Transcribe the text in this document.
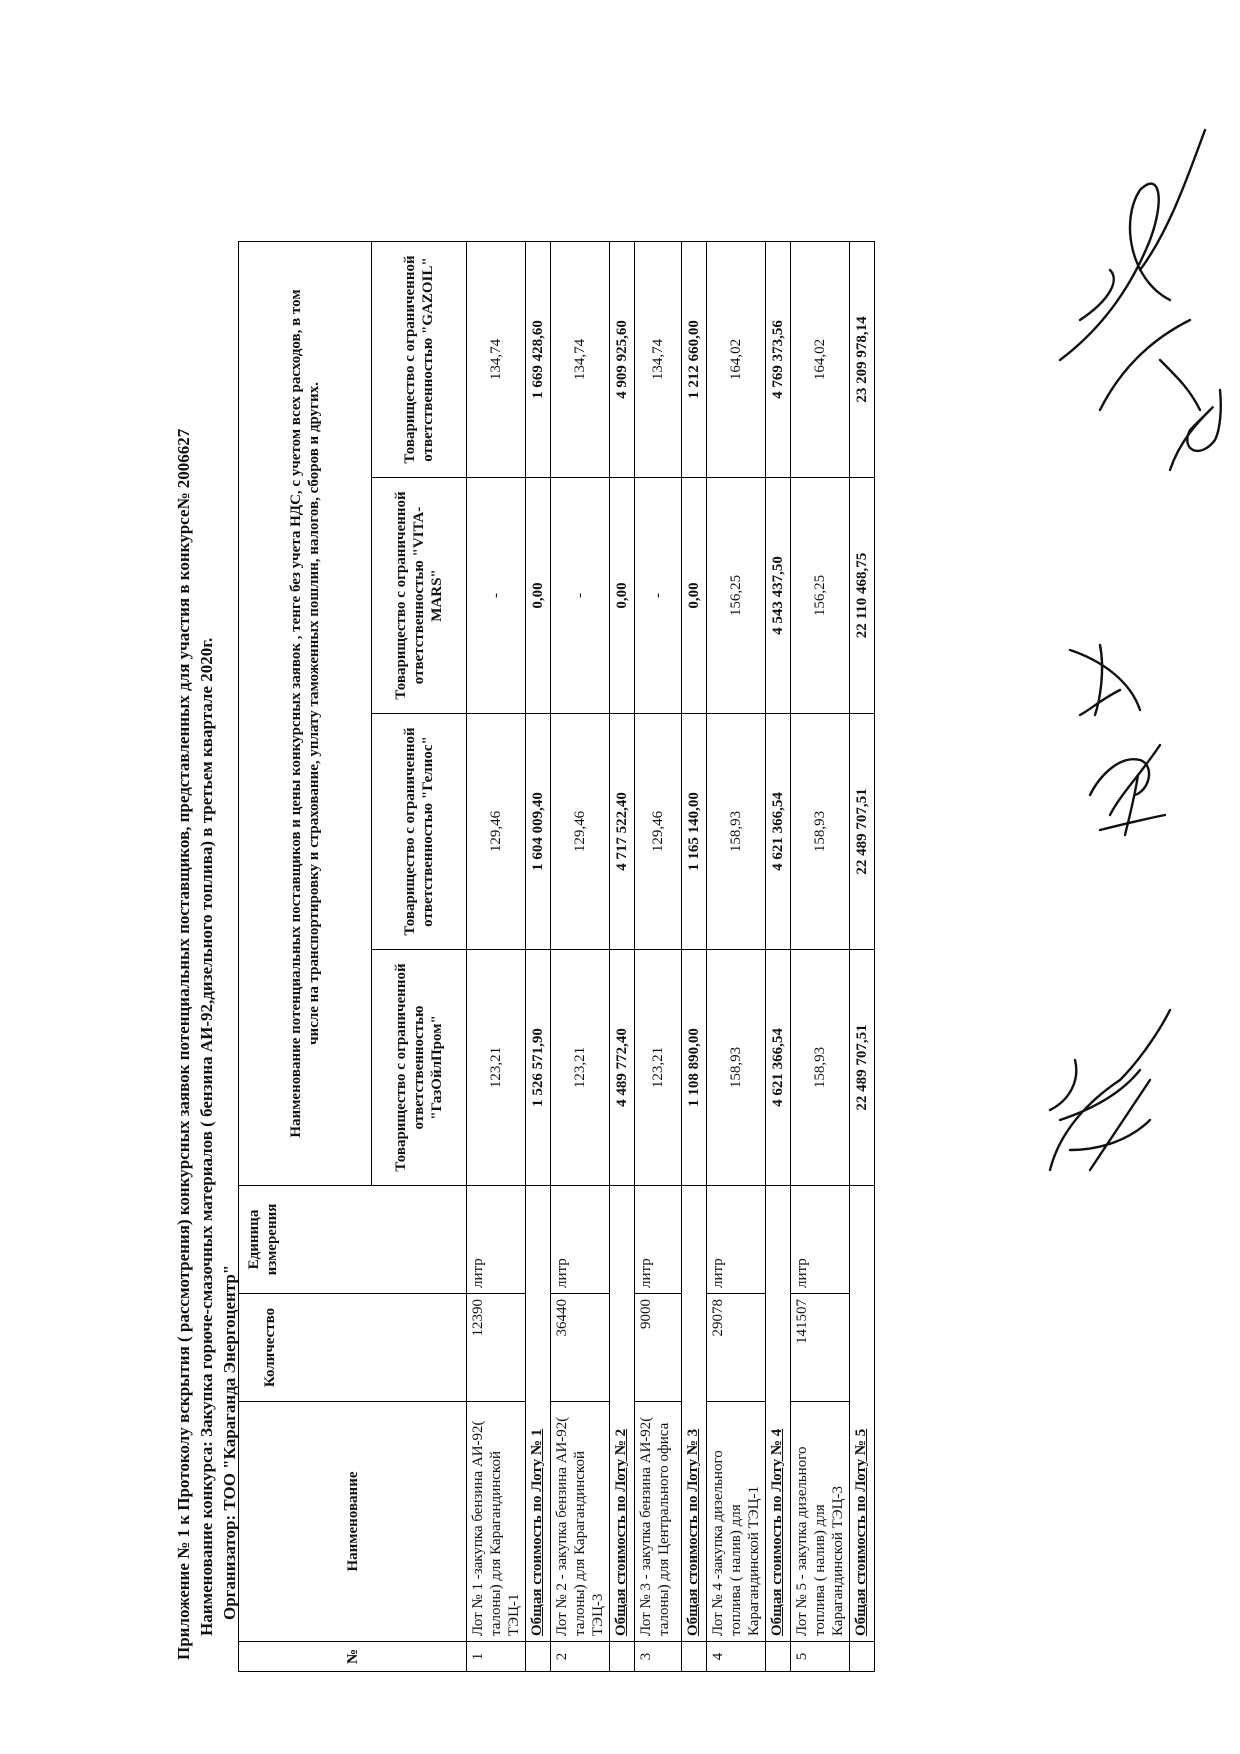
Приложение № 1 к Протоколу вскрытия ( рассмотрения) конкурсных заявок потенциальных поставщиков, представленных для участия в конкурсе№ 2006627 Наименование конкурса: Закупка горюче-смазочных материалов ( бензина АИ-92,дизельного топлива) в третьем квартале 2020г. Организатор: ТОО "Караганда Энергоцентр"
№	Наименование	Количество	Единица измерения	Наименование потенциальных поставщиков и цены конкурсных заявок , тенге без учета НДС, с учетом всех расходов, в том числе на транспортировку и страхование, уплату таможенных пошлин, налогов, сборов и других.			
				Товарищество с ограниченной ответственностью "ГазОйлПром"	Товарищество с ограниченной ответственностью "Гелиос"	Товарищество с ограниченной ответственностью "VITA-MARS"	Товарищество с ограниченной ответственностью "GAZOIL"
1	Лот № 1 -закупка бензина АИ-92( талоны) для Карагандинской ТЭЦ-1	12390	литр	123,21	129,46	-	134,74
	Общая стоимость по Лоту № 1			1 526 571,90	1 604 009,40	0,00	1 669 428,60
2	Лот № 2 - закупка бензина АИ-92( талоны) для Карагандинской ТЭЦ-3	36440	литр	123,21	129,46	-	134,74
	Общая стоимость по Лоту № 2			4 489 772,40	4 717 522,40	0,00	4 909 925,60
3	Лот № 3 - закупка бензина АИ-92( талоны) для Центрального офиса	9000	литр	123,21	129,46	-	134,74
	Общая стоимость по Лоту № 3			1 108 890,00	1 165 140,00	0,00	1 212 660,00
4	Лот № 4 -закупка дизельного топлива ( налив) для Карагандинской ТЭЦ-1	29078	литр	158,93	158,93	156,25	164,02
	Общая стоимость по Лоту № 4			4 621 366,54	4 621 366,54	4 543 437,50	4 769 373,56
5	Лот № 5 - закупка дизельного топлива ( налив) для Карагандинской ТЭЦ-3	141507	литр	158,93	158,93	156,25	164,02
	Общая стоимость по Лоту № 5			22 489 707,51	22 489 707,51	22 110 468,75	23 209 978,14
